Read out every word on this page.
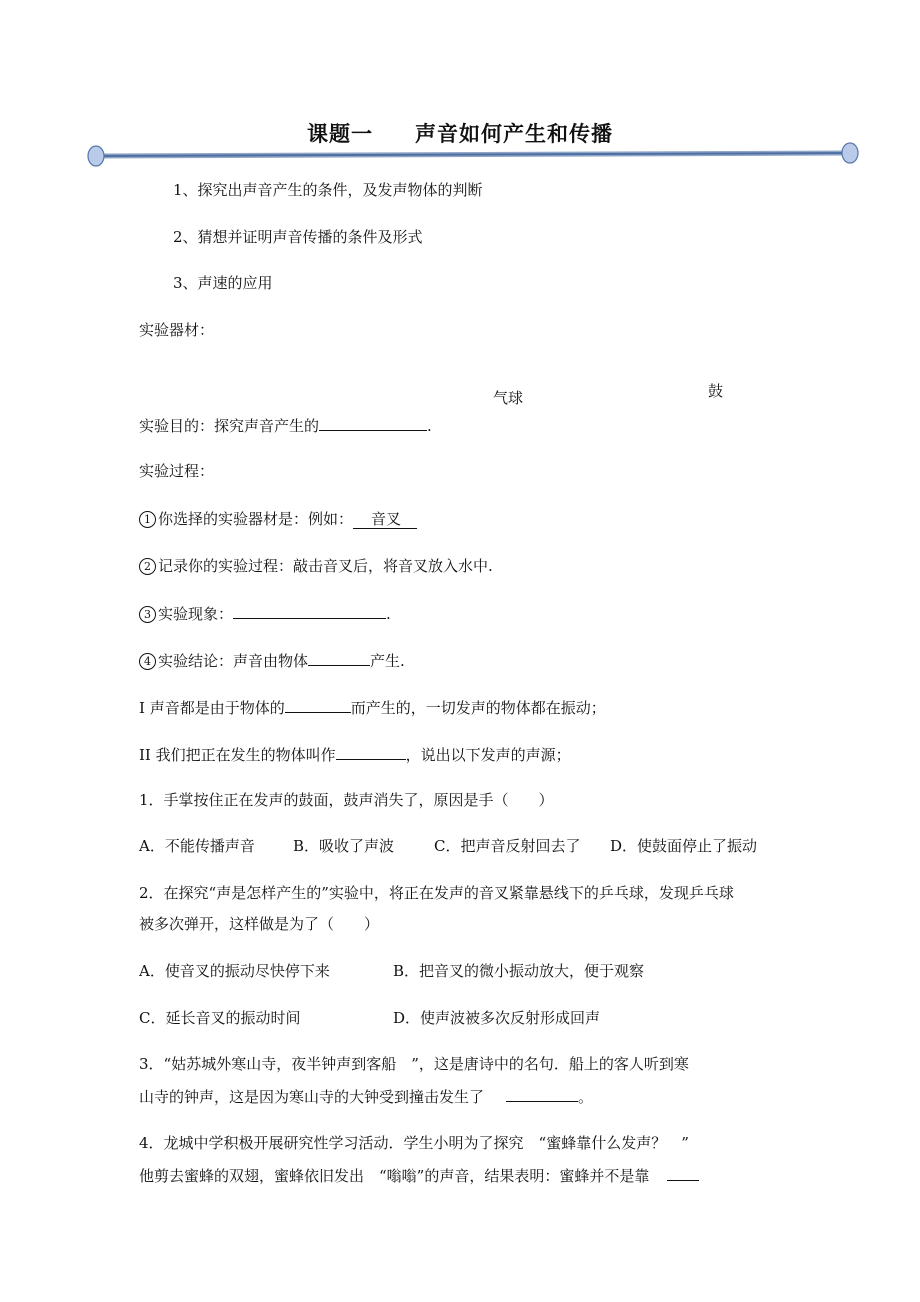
课题一 声音如何产生和传播
1、探究出声音产生的条件，及发声物体的判断
2、猜想并证明声音传播的条件及形式
3、声速的应用
实验器材：
气球	鼓
实验目的：探究声音产生的	.
实验过程：
1 你选择的实验器材是：例如： 音叉
2 记录你的实验过程：敲击音叉后，将音叉放入水中.
3 实验现象：	.
4 实验结论：声音由物体	产生.
I 声音都是由于物体的	而产生的，一切发声的物体都在振动；
II 我们把正在发生的物体叫作	，说出以下发声的声源；
1．手掌按住正在发声的鼓面，鼓声消失了，原因是手（　　）
A．不能传播声音	B．吸收了声波	C．把声音反射回去了 D．使鼓面停止了振动
2．在探究“声是怎样产生的”实验中，将正在发声的音叉紧靠悬线下的乒乓球，发现乒乓球
被多次弹开，这样做是为了（　　）
A．使音叉的振动尽快停下来	B．把音叉的微小振动放大，便于观察
C．延长音叉的振动时间	D．使声波被多次反射形成回声
3．“姑苏城外寒山寺，夜半钟声到客船　”，这是唐诗中的名句．船上的客人听到寒
山寺的钟声，这是因为寒山寺的大钟受到撞击发生了	。
4．龙城中学积极开展研究性学习活动．学生小明为了探究　“蜜蜂靠什么发声？　”
他剪去蜜蜂的双翅，蜜蜂依旧发出　“嗡嗡”的声音，结果表明：蜜蜂并不是靠
